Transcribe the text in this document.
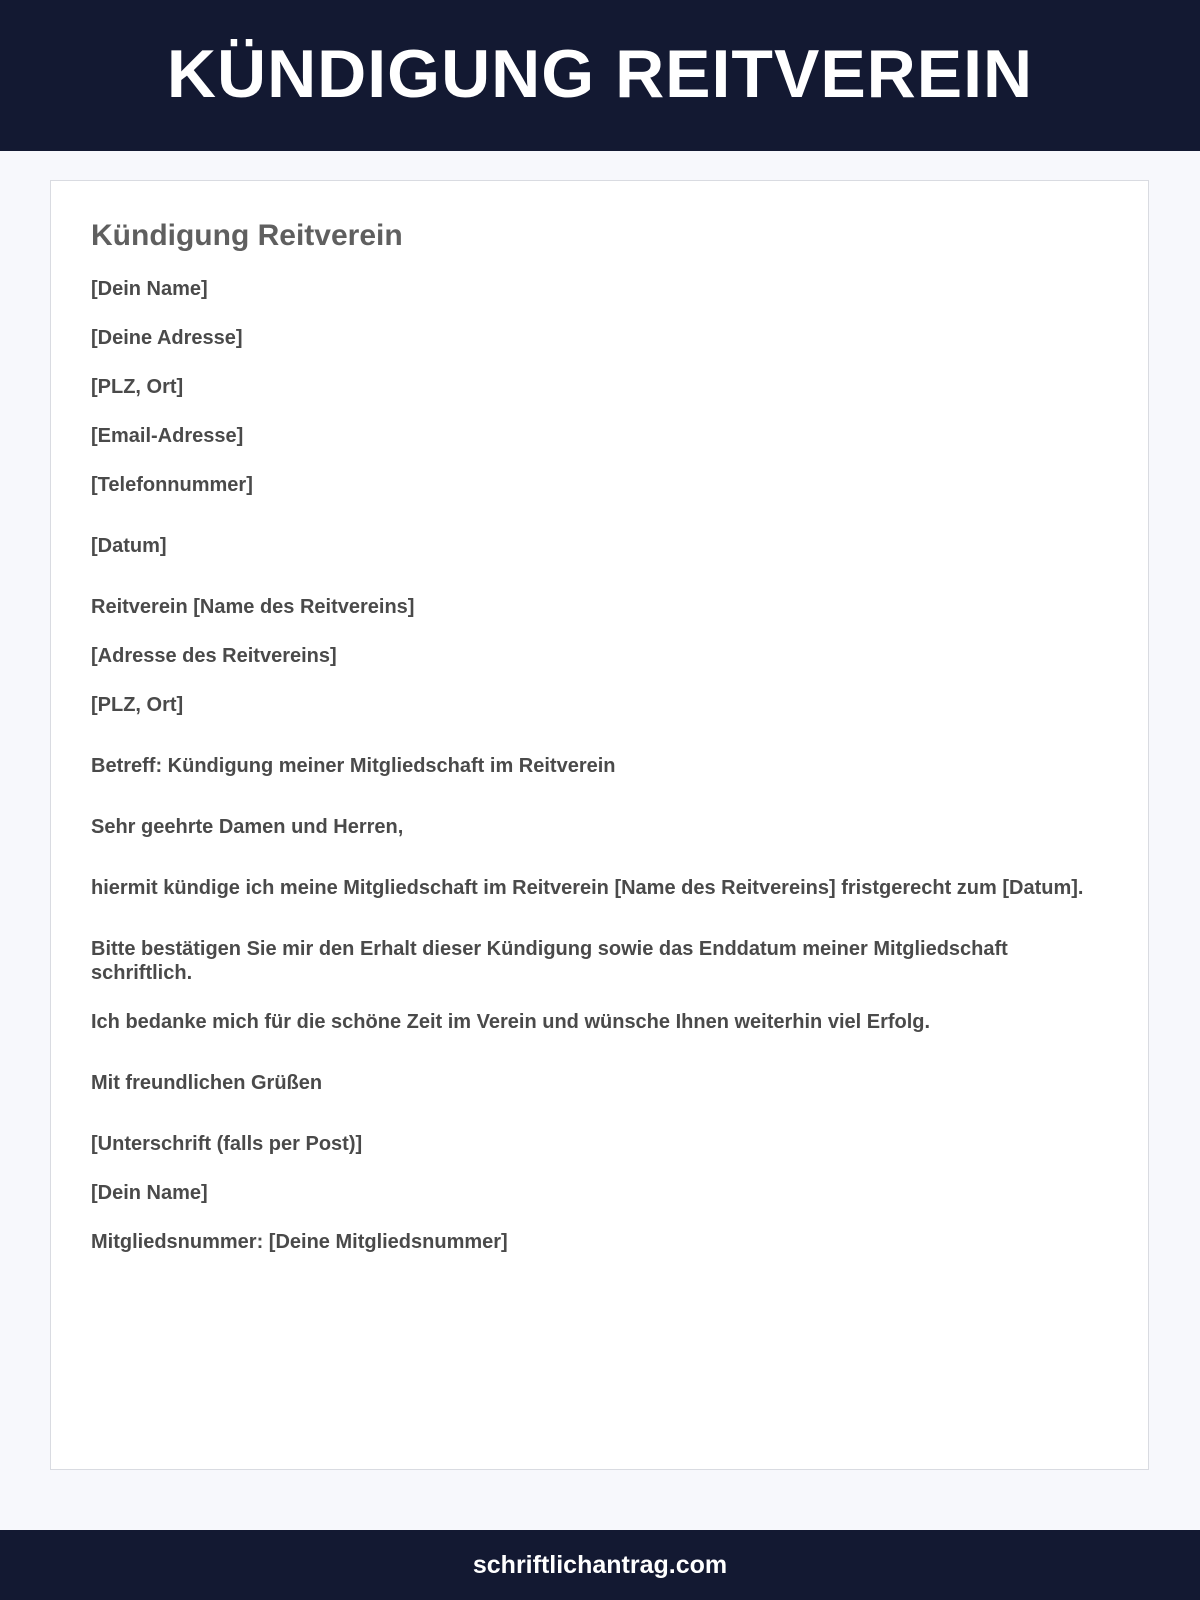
KÜNDIGUNG REITVEREIN
Kündigung Reitverein

[Dein Name]

[Deine Adresse]

[PLZ, Ort]

[Email-Adresse]

[Telefonnummer]

[Datum]

Reitverein [Name des Reitvereins]

[Adresse des Reitvereins]

[PLZ, Ort]

Betreff: Kündigung meiner Mitgliedschaft im Reitverein

Sehr geehrte Damen und Herren,

hiermit kündige ich meine Mitgliedschaft im Reitverein [Name des Reitvereins] fristgerecht zum [Datum].

Bitte bestätigen Sie mir den Erhalt dieser Kündigung sowie das Enddatum meiner Mitgliedschaft schriftlich.

Ich bedanke mich für die schöne Zeit im Verein und wünsche Ihnen weiterhin viel Erfolg.

Mit freundlichen Grüßen

[Unterschrift (falls per Post)]

[Dein Name]

Mitgliedsnummer: [Deine Mitgliedsnummer]

schriftlichantrag.com
